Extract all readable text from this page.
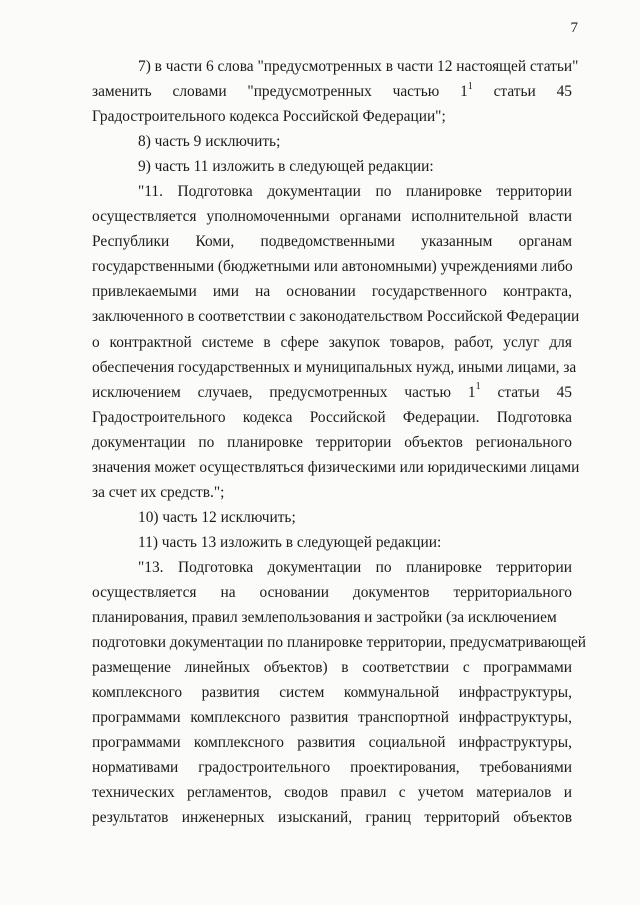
7
7) в части 6 слова "предусмотренных в части 12 настоящей статьи"
заменить словами "предусмотренных частью $1^1$ статьи 45
Градостроительного кодекса Российской Федерации";
8) часть 9 исключить;
9) часть 11 изложить в следующей редакции:
"11. Подготовка документации по планировке территории
осуществляется уполномоченными органами исполнительной власти
Республики Коми, подведомственными указанным органам
государственными (бюджетными или автономными) учреждениями либо
привлекаемыми ими на основании государственного контракта,
заключенного в соответствии с законодательством Российской Федерации
о контрактной системе в сфере закупок товаров, работ, услуг для
обеспечения государственных и муниципальных нужд, иными лицами, за
исключением случаев, предусмотренных частью $1^1$ статьи 45
Градостроительного кодекса Российской Федерации. Подготовка
документации по планировке территории объектов регионального
значения может осуществляться физическими или юридическими лицами
за счет их средств.";
10) часть 12 исключить;
11) часть 13 изложить в следующей редакции:
"13. Подготовка документации по планировке территории
осуществляется на основании документов территориального
планирования, правил землепользования и застройки (за исключением
подготовки документации по планировке территории, предусматривающей
размещение линейных объектов) в соответствии с программами
комплексного развития систем коммунальной инфраструктуры,
программами комплексного развития транспортной инфраструктуры,
программами комплексного развития социальной инфраструктуры,
нормативами градостроительного проектирования, требованиями
технических регламентов, сводов правил с учетом материалов и
результатов инженерных изысканий, границ территорий объектов
